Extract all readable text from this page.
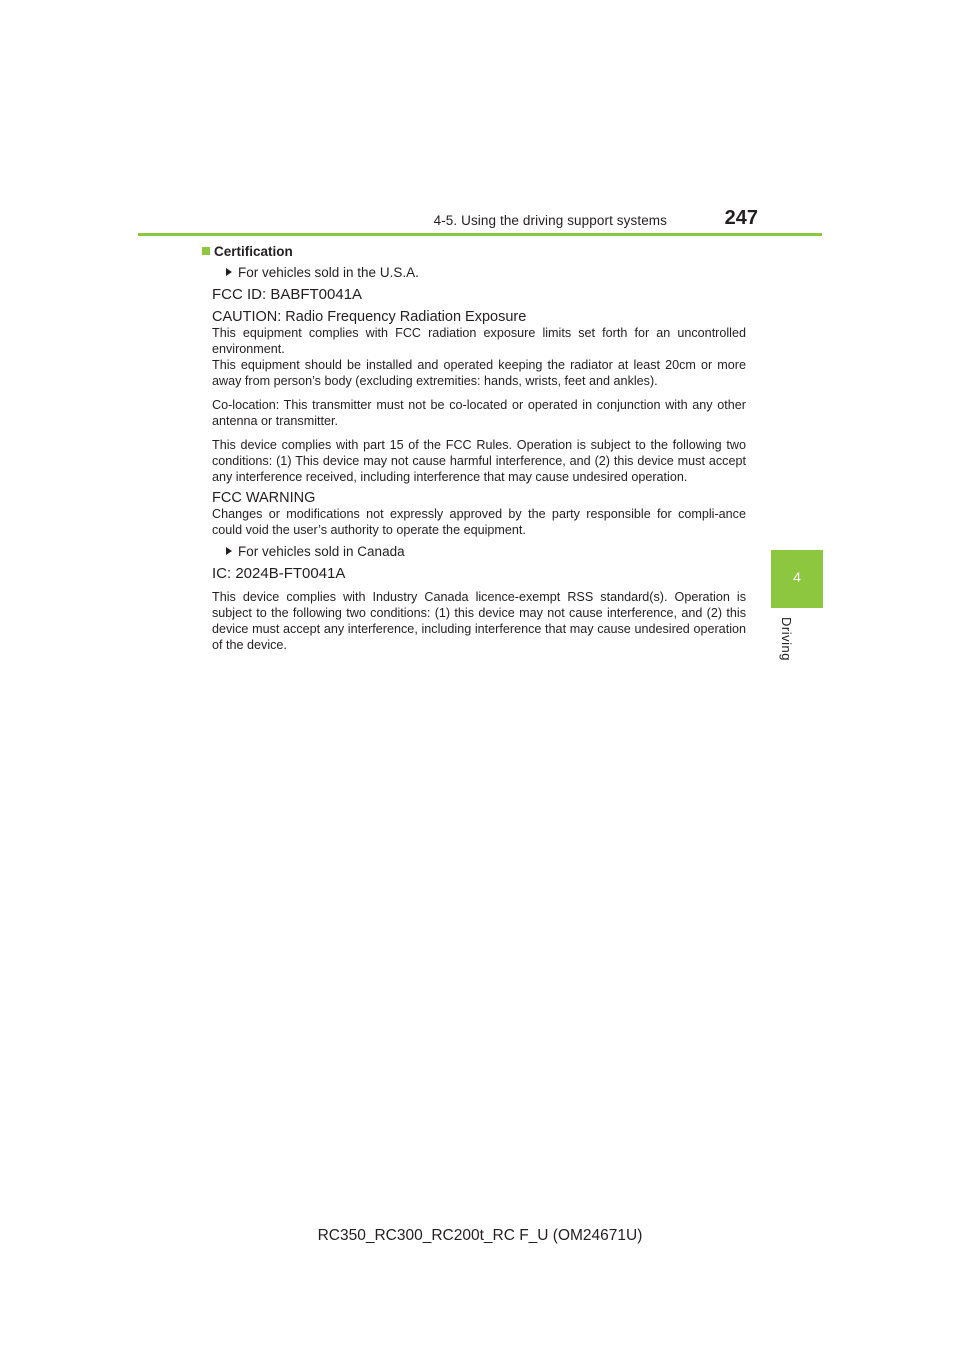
4-5. Using the driving support systems	247
4
Driving
Certification
For vehicles sold in the U.S.A.
FCC ID: BABFT0041A
CAUTION: Radio Frequency Radiation Exposure
This equipment complies with FCC radiation exposure limits set forth for an uncontrolled environment.
This equipment should be installed and operated keeping the radiator at least 20cm or more away from person’s body (excluding extremities: hands, wrists, feet and ankles).
Co-location: This transmitter must not be co-located or operated in conjunction with any other antenna or transmitter.
This device complies with part 15 of the FCC Rules. Operation is subject to the following two conditions: (1) This device may not cause harmful interference, and (2) this device must accept any interference received, including interference that may cause undesired operation.
FCC WARNING
Changes or modifications not expressly approved by the party responsible for compli-ance could void the user’s authority to operate the equipment.
For vehicles sold in Canada
IC: 2024B-FT0041A
This device complies with Industry Canada licence-exempt RSS standard(s). Operation is subject to the following two conditions: (1) this device may not cause interference, and (2) this device must accept any interference, including interference that may cause undesired operation of the device.
RC350_RC300_RC200t_RC F_U (OM24671U)
